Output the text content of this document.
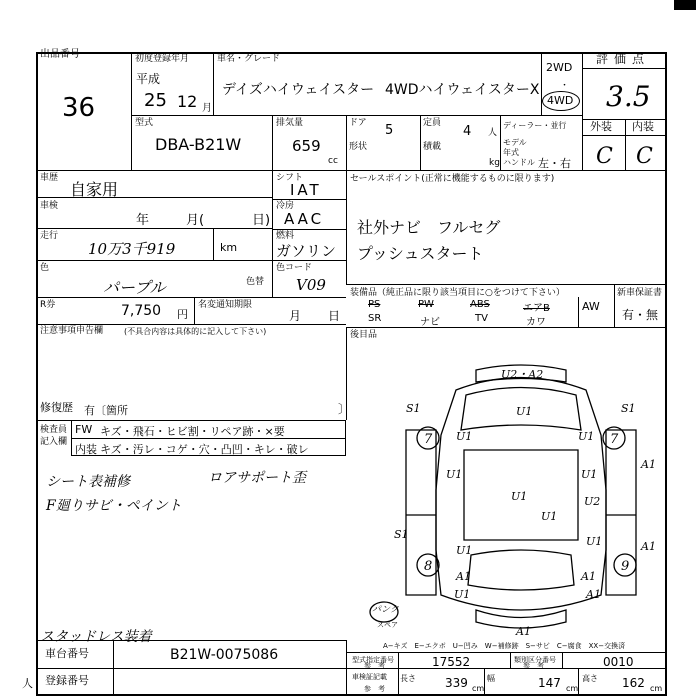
出品番号
36
初度登録年月
平成
25 12 月
車名・グレード
デイズハイウェイスター 4WDハイウェイスターX
2WD
・
4WD
評価点
3.5
外装 内装
C C
型式
DBA-B21W
排気量
659
cc
ドア 5
形状
定員
4 人
積載
kg
ディーラー・並行
モデル年式
ハンドル 左・右
車歴
自家用
車検
年	月(	日)
走行
10万3千919	km
シフト
IAT
冷房
AAC
燃料
ガソリン
セールスポイント(正常に機能するものに限ります)
社外ナビ　フルセグ
プッシュスタート
色
パープル	色替
色コード
V09
R券	7,750 円
名変通知期限
月 日
装備品（純正品に限り該当項目に○をつけて下さい）
PS	PW	ABS	エアB
SR	ナビ	TV	カワ
AW
新車保証書
有・無
後目品
注意事項申告欄	(不具合内容は具体的に記入して下さい)
修復歴 有〔箇所	〕
検査員
記入欄
FW キズ・飛石・ヒビ割・リペア跡・×要
内装 キズ・汚レ・コゲ・穴・凸凹・キレ・破レ
シート表補修
F廻りサビ・ペイント
ロアサポート歪
スタッドレス装着
U2・A2
S1	S1
U1
U1	U1
U1	U1
A1
A1
A1	A1
A1
U1
U1
U2
S1
U1
U1
U1	A1
7	7
8	9
パンク
スペア
A−キズ　E−エクボ　U−凹み　W−補修跡　S−サビ　C−腐食　XX−交換済
車台番号	B21W-0075086
登録番号
人
型式指定番号
参　考	17552	類別区分番号
参　考	0010
車検証記載
参　考
長さ 339 cm
幅	147 cm
高さ 162 cm
